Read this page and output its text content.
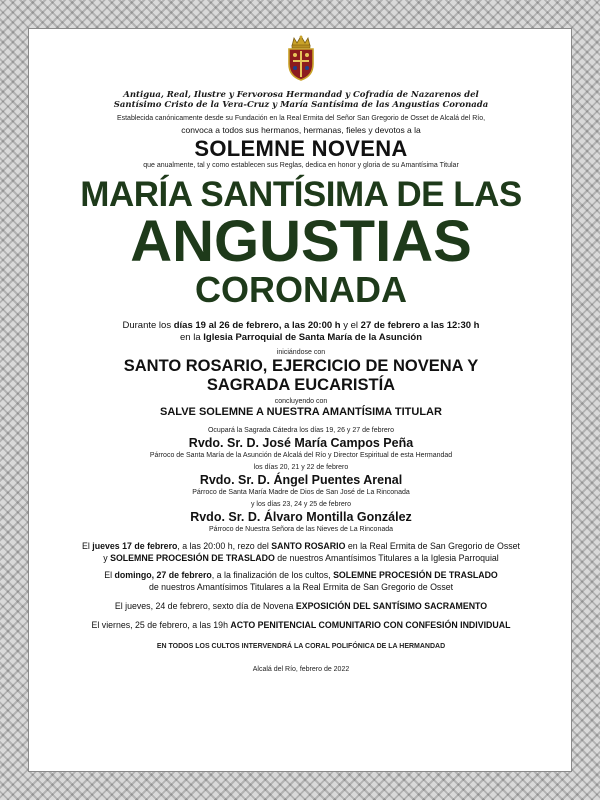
Antigua, Real, Ilustre y Fervorosa Hermandad y Cofradía de Nazarenos del
Santísimo Cristo de la Vera-Cruz y María Santísima de las Angustias Coronada
Establecida canónicamente desde su Fundación en la Real Ermita del Señor San Gregorio de Osset de Alcalá del Río,
convoca a todos sus hermanos, hermanas, fieles y devotos a la
SOLEMNE NOVENA
que anualmente, tal y como establecen sus Reglas, dedica en honor y gloria de su Amantísima Titular
MARÍA SANTÍSIMA DE LAS
ANGUSTIAS
CORONADA
Durante los días 19 al 26 de febrero, a las 20:00 h y el 27 de febrero a las 12:30 h
en la Iglesia Parroquial de Santa María de la Asunción
iniciándose con
SANTO ROSARIO, EJERCICIO DE NOVENA Y
SAGRADA EUCARISTÍA
concluyendo con
SALVE SOLEMNE A NUESTRA AMANTÍSIMA TITULAR
Ocupará la Sagrada Cátedra los días 19, 26 y 27 de febrero
Rvdo. Sr. D. José María Campos Peña
Párroco de Santa María de la Asunción de Alcalá del Río y Director Espiritual de esta Hermandad
los días 20, 21 y 22 de febrero
Rvdo. Sr. D. Ángel Puentes Arenal
Párroco de Santa María Madre de Dios de San José de La Rinconada
y los días 23, 24 y 25 de febrero
Rvdo. Sr. D. Álvaro Montilla González
Párroco de Nuestra Señora de las Nieves de La Rinconada
El jueves 17 de febrero, a las 20:00 h, rezo del SANTO ROSARIO en la Real Ermita de San Gregorio de Osset
y SOLEMNE PROCESIÓN DE TRASLADO de nuestros Amantísimos Titulares a la Iglesia Parroquial
El domingo, 27 de febrero, a la finalización de los cultos, SOLEMNE PROCESIÓN DE TRASLADO
de nuestros Amantísimos Titulares a la Real Ermita de San Gregorio de Osset
El jueves, 24 de febrero, sexto día de Novena EXPOSICIÓN DEL SANTÍSIMO SACRAMENTO
El viernes, 25 de febrero, a las 19h ACTO PENITENCIAL COMUNITARIO CON CONFESIÓN INDIVIDUAL
EN TODOS LOS CULTOS INTERVENDRÁ LA CORAL POLIFÓNICA DE LA HERMANDAD
Alcalá del Río, febrero de 2022
